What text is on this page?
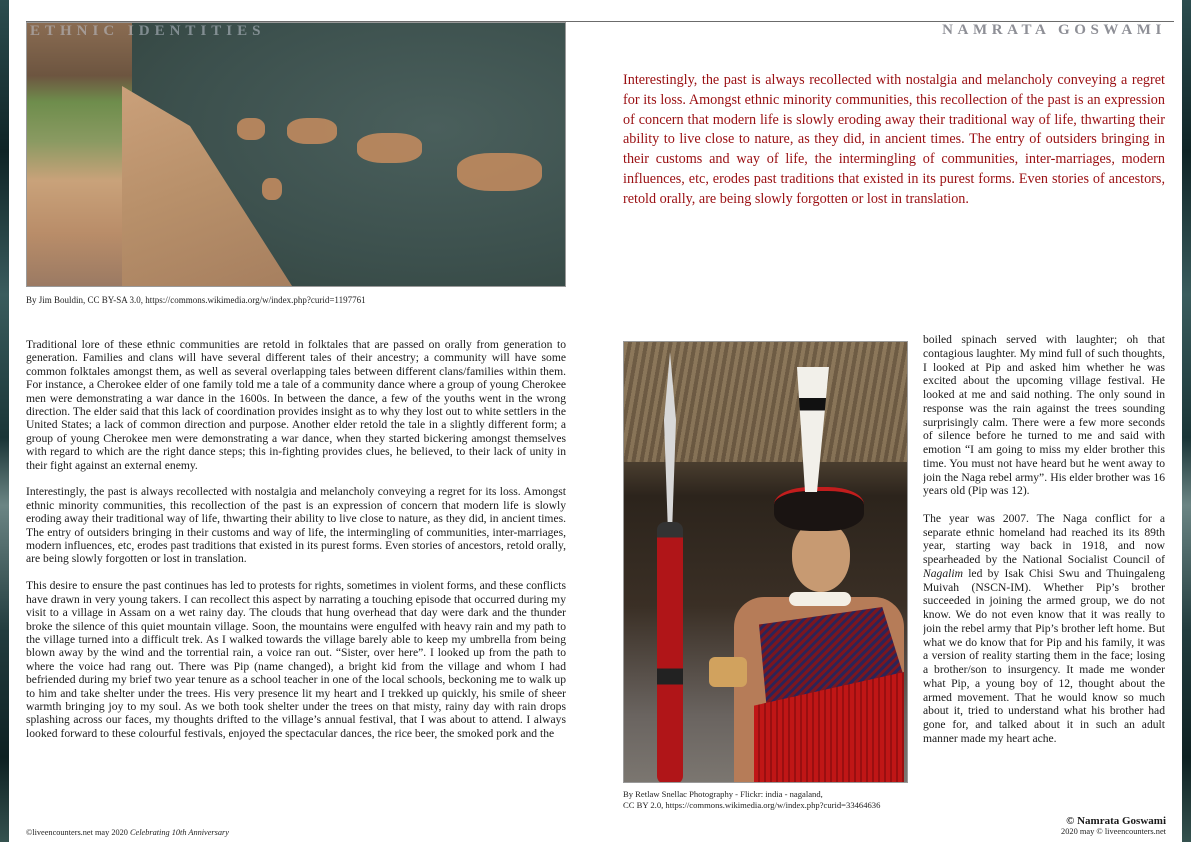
NAMRATA GOSWAMI
ETHNIC IDENTITIES
By Jim Bouldin, CC BY-SA 3.0, https://commons.wikimedia.org/w/index.php?curid=1197761
Interestingly, the past is always recollected with nostalgia and melancholy conveying a regret for its loss. Amongst ethnic minority communities, this recollection of the past is an expression of concern that modern life is slowly eroding away their traditional way of life, thwarting their ability to live close to nature, as they did, in ancient times. The entry of outsiders bringing in their customs and way of life, the intermingling of communities, inter-marriages, modern influences, etc, erodes past traditions that existed in its purest forms. Even stories of ancestors, retold orally, are being slowly forgotten or lost in translation.

Traditional lore of these ethnic communities are retold in folktales that are passed on orally from generation to generation. Families and clans will have several different tales of their ancestry; a community will have some common folktales amongst them, as well as several overlapping tales between different clans/families within them. For instance, a Cherokee elder of one family told me a tale of a community dance where a group of young Cherokee men were demonstrating a war dance in the 1600s. In between the dance, a few of the youths went in the wrong direction. The elder said that this lack of coordination provides insight as to why they lost out to white settlers in the United States; a lack of common direction and purpose. Another elder retold the tale in a slightly different form; a group of young Cherokee men were demonstrating a war dance, when they started bickering amongst themselves with regard to which are the right dance steps; this in-fighting provides clues, he believed, to their lack of unity in their fight against an external enemy.

Interestingly, the past is always recollected with nostalgia and melancholy conveying a regret for its loss. Amongst ethnic minority communities, this recollection of the past is an expression of concern that modern life is slowly eroding away their traditional way of life, thwarting their ability to live close to nature, as they did, in ancient times. The entry of outsiders bringing in their customs and way of life, the intermingling of communities, inter-marriages, modern influences, etc, erodes past traditions that existed in its purest forms. Even stories of ancestors, retold orally, are being slowly forgotten or lost in translation.

This desire to ensure the past continues has led to protests for rights, sometimes in violent forms, and these conflicts have drawn in very young takers. I can recollect this aspect by narrating a touching episode that occurred during my visit to a village in Assam on a wet rainy day. The clouds that hung overhead that day were dark and the thunder broke the silence of this quiet mountain village. Soon, the mountains were engulfed with heavy rain and my path to the village turned into a difficult trek. As I walked towards the village barely able to keep my umbrella from being blown away by the wind and the torrential rain, a voice ran out. “Sister, over here”. I looked up from the path to where the voice had rang out. There was Pip (name changed), a bright kid from the village and whom I had befriended during my brief two year tenure as a school teacher in one of the local schools, beckoning me to walk up to him and take shelter under the trees. His very presence lit my heart and I trekked up quickly, his smile of sheer warmth bringing joy to my soul. As we both took shelter under the trees on that misty, rainy day with rain drops splashing across our faces, my thoughts drifted to the village’s annual festival, that I was about to attend. I always looked forward to these colourful festivals, enjoyed the spectacular dances, the rice beer, the smoked pork and the

By Retlaw Snellac Photography - Flickr: india - nagaland,
CC BY 2.0, https://commons.wikimedia.org/w/index.php?curid=33464636

boiled spinach served with laughter; oh that contagious laughter. My mind full of such thoughts, I looked at Pip and asked him whether he was excited about the upcoming village festival. He looked at me and said nothing. The only sound in response was the rain against the trees sounding surprisingly calm. There were a few more seconds of silence before he turned to me and said with emotion “I am going to miss my elder brother this time. You must not have heard but he went away to join the Naga rebel army”. His elder brother was 16 years old (Pip was 12).

The year was 2007. The Naga conflict for a separate ethnic homeland had reached its its 89th year, starting way back in 1918, and now spearheaded by the National Socialist Council of Nagalim led by Isak Chisi Swu and Thuingaleng Muivah (NSCN-IM). Whether Pip’s brother succeeded in joining the armed group, we do not know. We do not even know that it was really to join the rebel army that Pip’s brother left home. But what we do know that for Pip and his family, it was a version of reality starting them in the face; losing a brother/son to insurgency. It made me wonder what Pip, a young boy of 12, thought about the armed movement. That he would know so much about it, tried to understand what his brother had gone for, and talked about it in such an adult manner made my heart ache.

© Namrata Goswami
2020 may © liveencounters.net
©liveencounters.net may 2020 Celebrating 10th Anniversary
